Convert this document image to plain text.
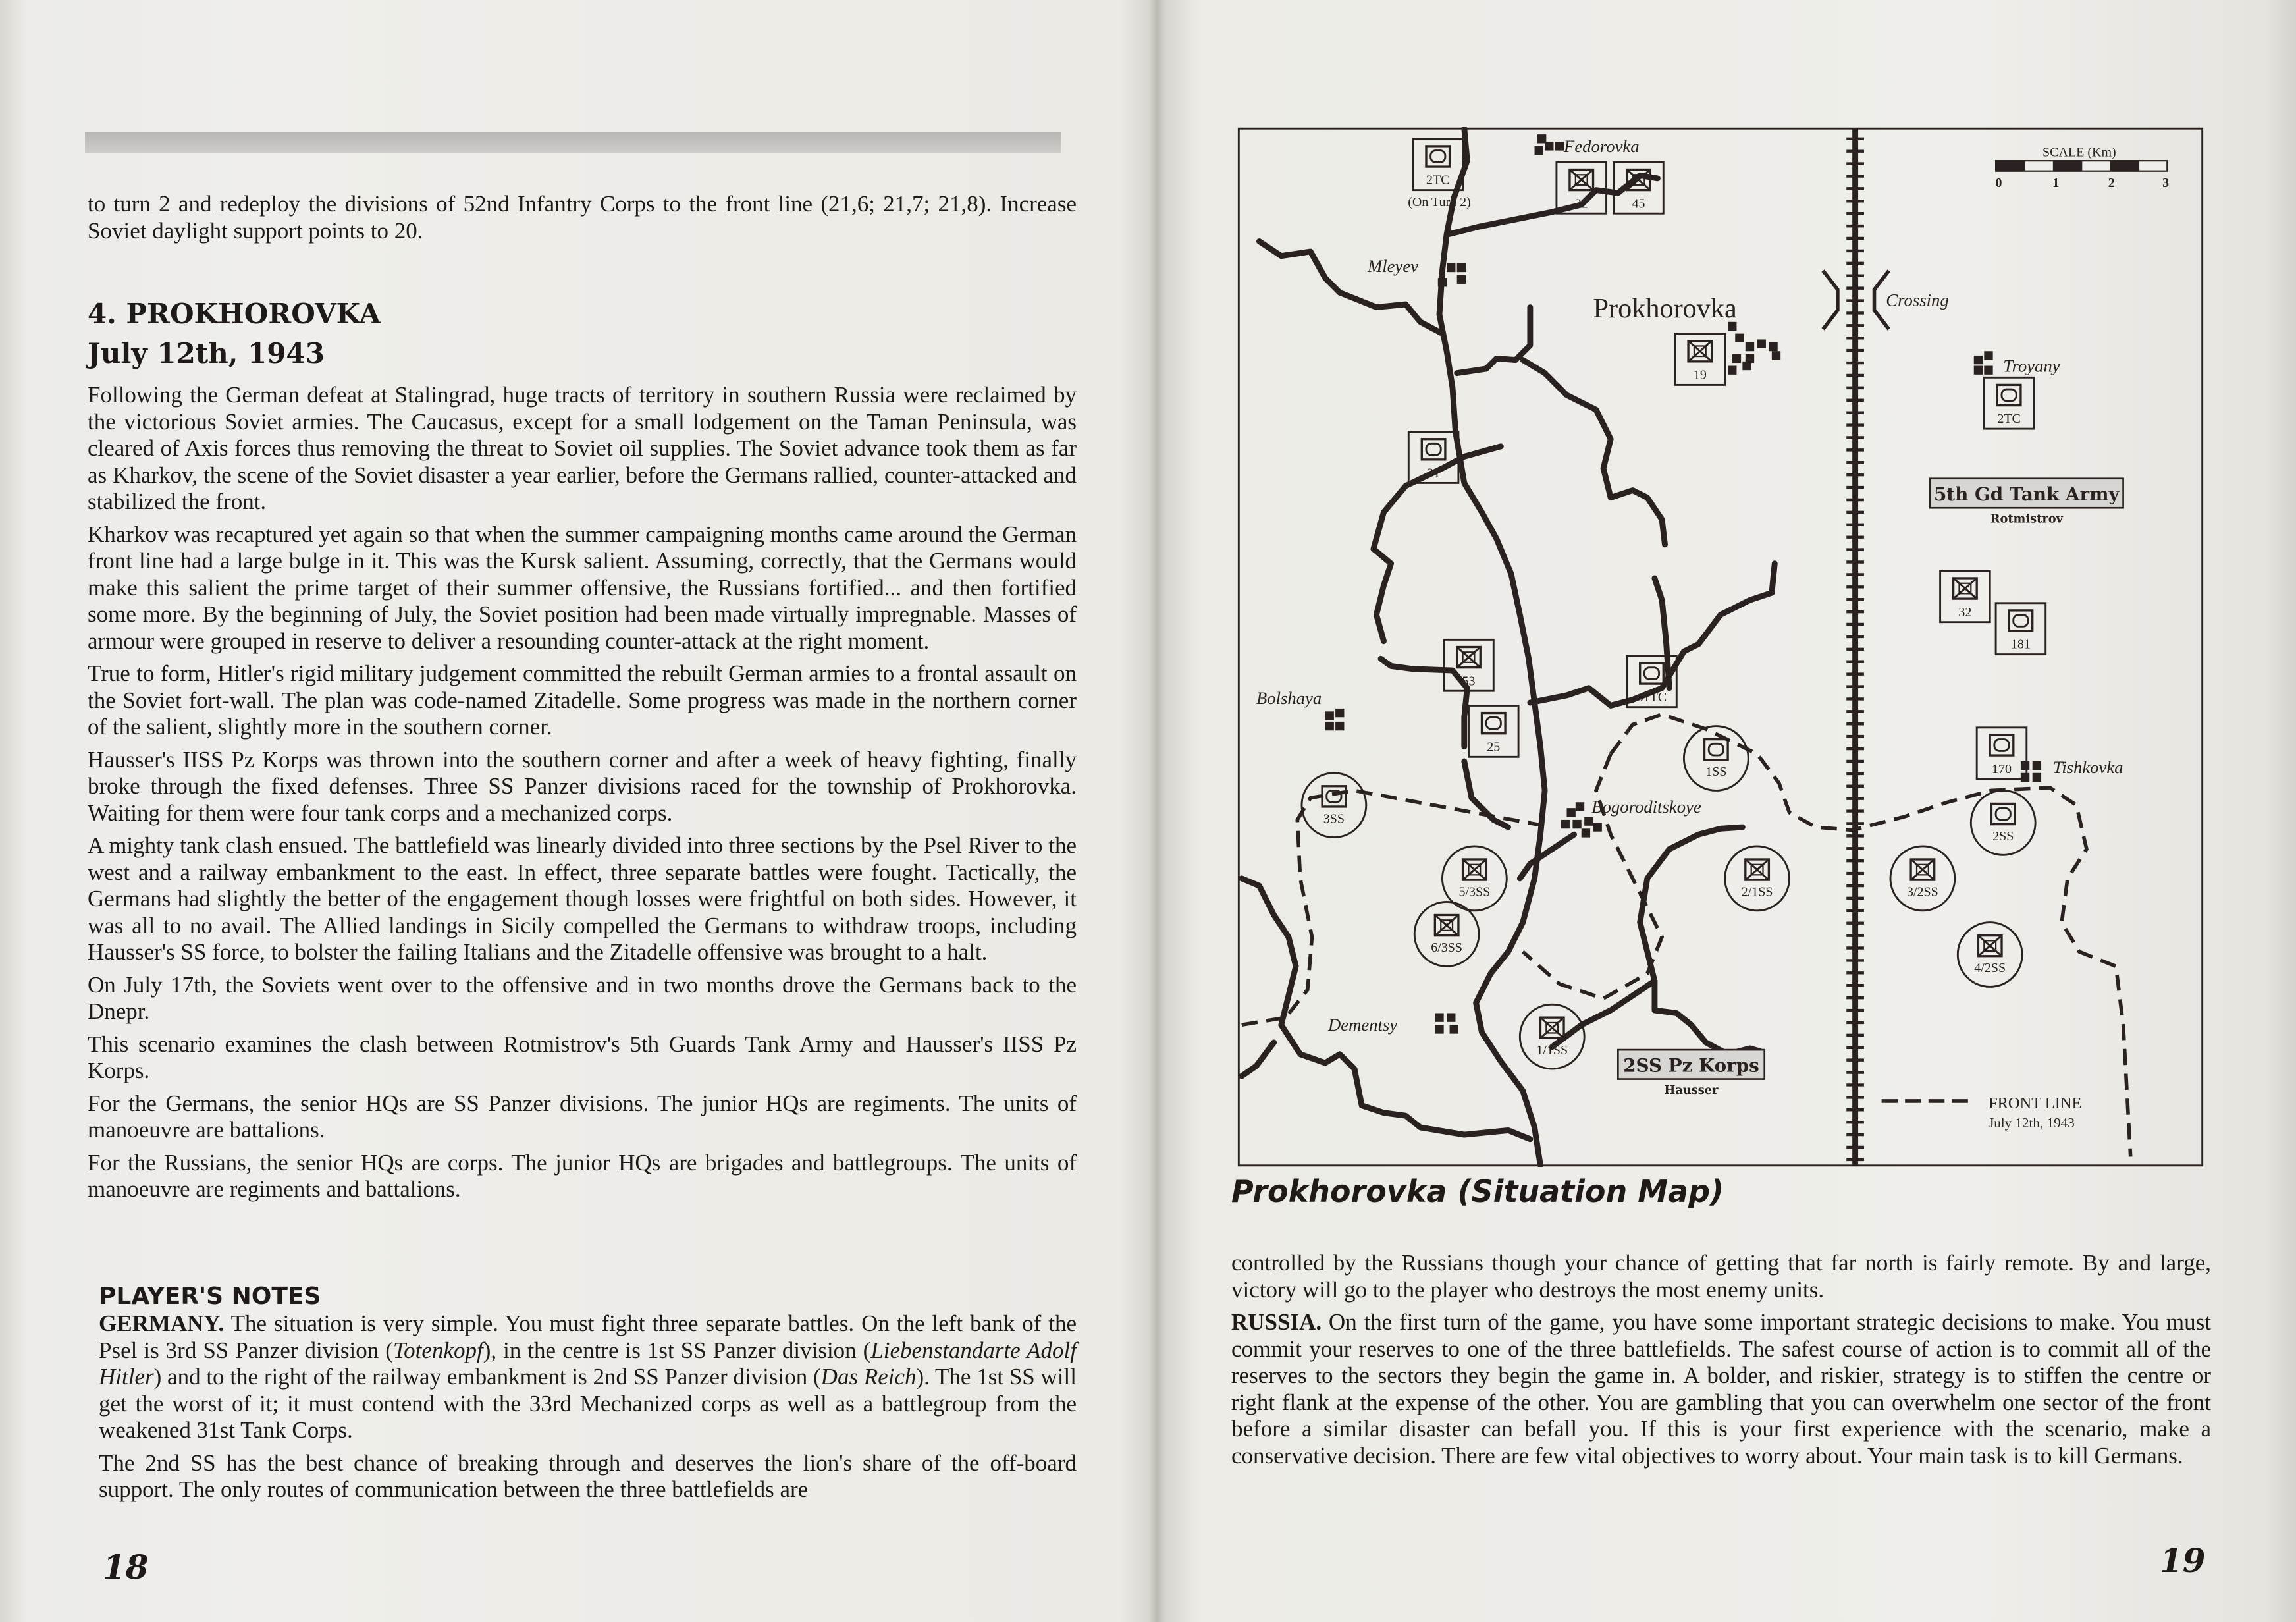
to turn 2 and redeploy the divisions of 52nd Infantry Corps to the front line (21,6; 21,7; 21,8). Increase Soviet daylight support points to 20.
4. PROKHOROVKA
July 12th, 1943

Following the German defeat at Stalingrad, huge tracts of territory in southern Russia were reclaimed by the victorious Soviet armies. The Caucasus, except for a small lodgement on the Taman Peninsula, was cleared of Axis forces thus removing the threat to Soviet oil supplies. The Soviet advance took them as far as Kharkov, the scene of the Soviet disaster a year earlier, before the Germans rallied, counter-attacked and stabilized the front.

Kharkov was recaptured yet again so that when the summer campaigning months came around the German front line had a large bulge in it. This was the Kursk salient. Assuming, correctly, that the Germans would make this salient the prime target of their summer offensive, the Russians fortified... and then fortified some more. By the beginning of July, the Soviet position had been made virtually impregnable. Masses of armour were grouped in reserve to deliver a resounding counter-attack at the right moment.

True to form, Hitler's rigid military judgement committed the rebuilt German armies to a frontal assault on the Soviet fort-wall. The plan was code-named Zitadelle. Some progress was made in the northern corner of the salient, slightly more in the southern corner.

Hausser's IISS Pz Korps was thrown into the southern corner and after a week of heavy fighting, finally broke through the fixed defenses. Three SS Panzer divisions raced for the township of Prokhorovka. Waiting for them were four tank corps and a mechanized corps.

A mighty tank clash ensued. The battlefield was linearly divided into three sections by the Psel River to the west and a railway embankment to the east. In effect, three separate battles were fought. Tactically, the Germans had slightly the better of the engagement though losses were frightful on both sides. However, it was all to no avail. The Allied landings in Sicily compelled the Germans to withdraw troops, including Hausser's SS force, to bolster the failing Italians and the Zitadelle offensive was brought to a halt.

On July 17th, the Soviets went over to the offensive and in two months drove the Germans back to the Dnepr.

This scenario examines the clash between Rotmistrov's 5th Guards Tank Army and Hausser's IISS Pz Korps.

For the Germans, the senior HQs are SS Panzer divisions. The junior HQs are regiments. The units of manoeuvre are battalions.

For the Russians, the senior HQs are corps. The junior HQs are brigades and battlegroups. The units of manoeuvre are regiments and battalions.

PLAYER'S NOTES

GERMANY. The situation is very simple. You must fight three separate battles. On the left bank of the Psel is 3rd SS Panzer division (Totenkopf), in the centre is 1st SS Panzer division (Liebenstandarte Adolf Hitler) and to the right of the railway embankment is 2nd SS Panzer division (Das Reich). The 1st SS will get the worst of it; it must contend with the 33rd Mechanized corps as well as a battlegroup from the weakened 31st Tank Corps.

The 2nd SS has the best chance of breaking through and deserves the lion's share of the off-board support. The only routes of communication between the three battlefields are

18
Fedorovka
Mleyev
Prokhorovka	Crossing
Troyany
Bolshaya
Bogoroditskoye
Tishkovka
Dementsy
(On Turn 2)
2TC
22	45
19
2TC
31
32
181
53
31TC
25
170
1SS
3SS
2SS
5/3SS	2/1SS	3/2SS
6/3SS
4/2SS
1/1SS
5th Gd Tank Army
Rotmistrov
2SS Pz Korps
Hausser
SCALE (Km)
0	1	2	3
FRONT LINE
July 12th, 1943
Prokhorovka (Situation Map)

controlled by the Russians though your chance of getting that far north is fairly remote. By and large, victory will go to the player who destroys the most enemy units.

RUSSIA. On the first turn of the game, you have some important strategic decisions to make. You must commit your reserves to one of the three battlefields. The safest course of action is to commit all of the reserves to the sectors they begin the game in. A bolder, and riskier, strategy is to stiffen the centre or right flank at the expense of the other. You are gambling that you can overwhelm one sector of the front before a similar disaster can befall you. If this is your first experience with the scenario, make a conservative decision. There are few vital objectives to worry about. Your main task is to kill Germans.

19
